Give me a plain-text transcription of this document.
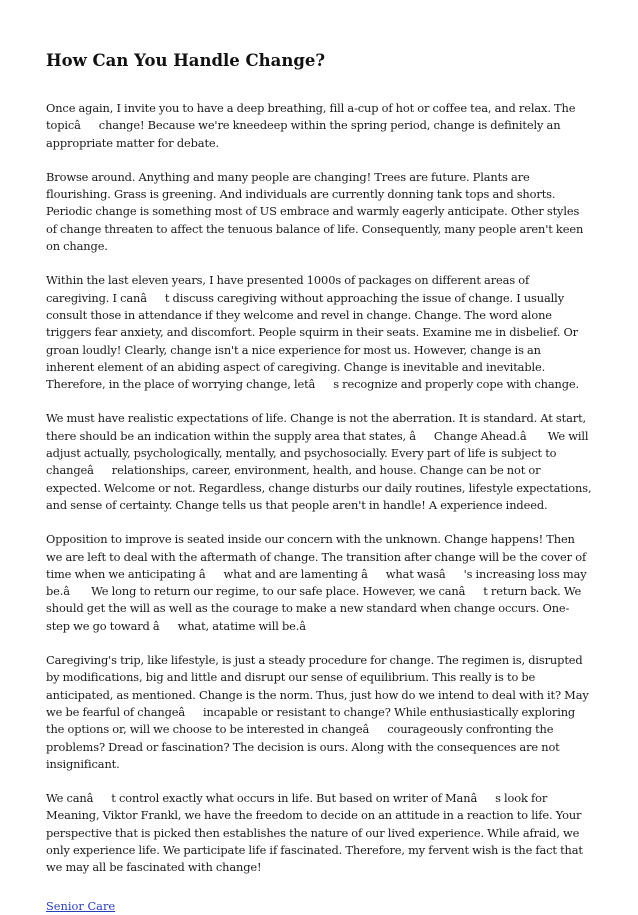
How Can You Handle Change?

Once again, I invite you to have a deep breathing, fill a-cup of hot or coffee tea, and relax. The topicâchange! Because we're kneedeep within the spring period, change is definitely an appropriate matter for debate.

Browse around. Anything and many people are changing! Trees are future. Plants are flourishing. Grass is greening. And individuals are currently donning tank tops and shorts. Periodic change is something most of US embrace and warmly eagerly anticipate. Other styles of change threaten to affect the tenuous balance of life. Consequently, many people aren't keen on change.

Within the last eleven years, I have presented 1000s of packages on different areas of caregiving. I canât discuss caregiving without approaching the issue of change. I usually consult those in attendance if they welcome and revel in change. Change. The word alone triggers fear anxiety, and discomfort. People squirm in their seats. Examine me in disbelief. Or groan loudly! Clearly, change isn't a nice experience for most us. However, change is an inherent element of an abiding aspect of caregiving. Change is inevitable and inevitable. Therefore, in the place of worrying change, letâs recognize and properly cope with change.

We must have realistic expectations of life. Change is not the aberration. It is standard. At start, there should be an indication within the supply area that states, âChange Ahead.â We will adjust actually, psychologically, mentally, and psychosocially. Every part of life is subject to changeârelationships, career, environment, health, and house. Change can be not or expected. Welcome or not. Regardless, change disturbs our daily routines, lifestyle expectations, and sense of certainty. Change tells us that people aren't in handle! A experience indeed.

Opposition to improve is seated inside our concern with the unknown. Change happens! Then we are left to deal with the aftermath of change. The transition after change will be the cover of time when we anticipating âwhat and are lamenting âwhat wasâ's increasing loss may be.â We long to return our regime, to our safe place. However, we canât return back. We should get the will as well as the courage to make a new standard when change occurs. One-step we go toward âwhat, atatime will be.â

Caregiving's trip, like lifestyle, is just a steady procedure for change. The regimen is, disrupted by modifications, big and little and disrupt our sense of equilibrium. This really is to be anticipated, as mentioned. Change is the norm. Thus, just how do we intend to deal with it? May we be fearful of changeâincapable or resistant to change? While enthusiastically exploring the options or, will we choose to be interested in changeâcourageously confronting the problems? Dread or fascination? The decision is ours. Along with the consequences are not insignificant.

We canât control exactly what occurs in life. But based on writer of Manâs look for Meaning, Viktor Frankl, we have the freedom to decide on an attitude in a reaction to life. Your perspective that is picked then establishes the nature of our lived experience. While afraid, we only experience life. We participate life if fascinated. Therefore, my fervent wish is the fact that we may all be fascinated with change!

Senior Care
